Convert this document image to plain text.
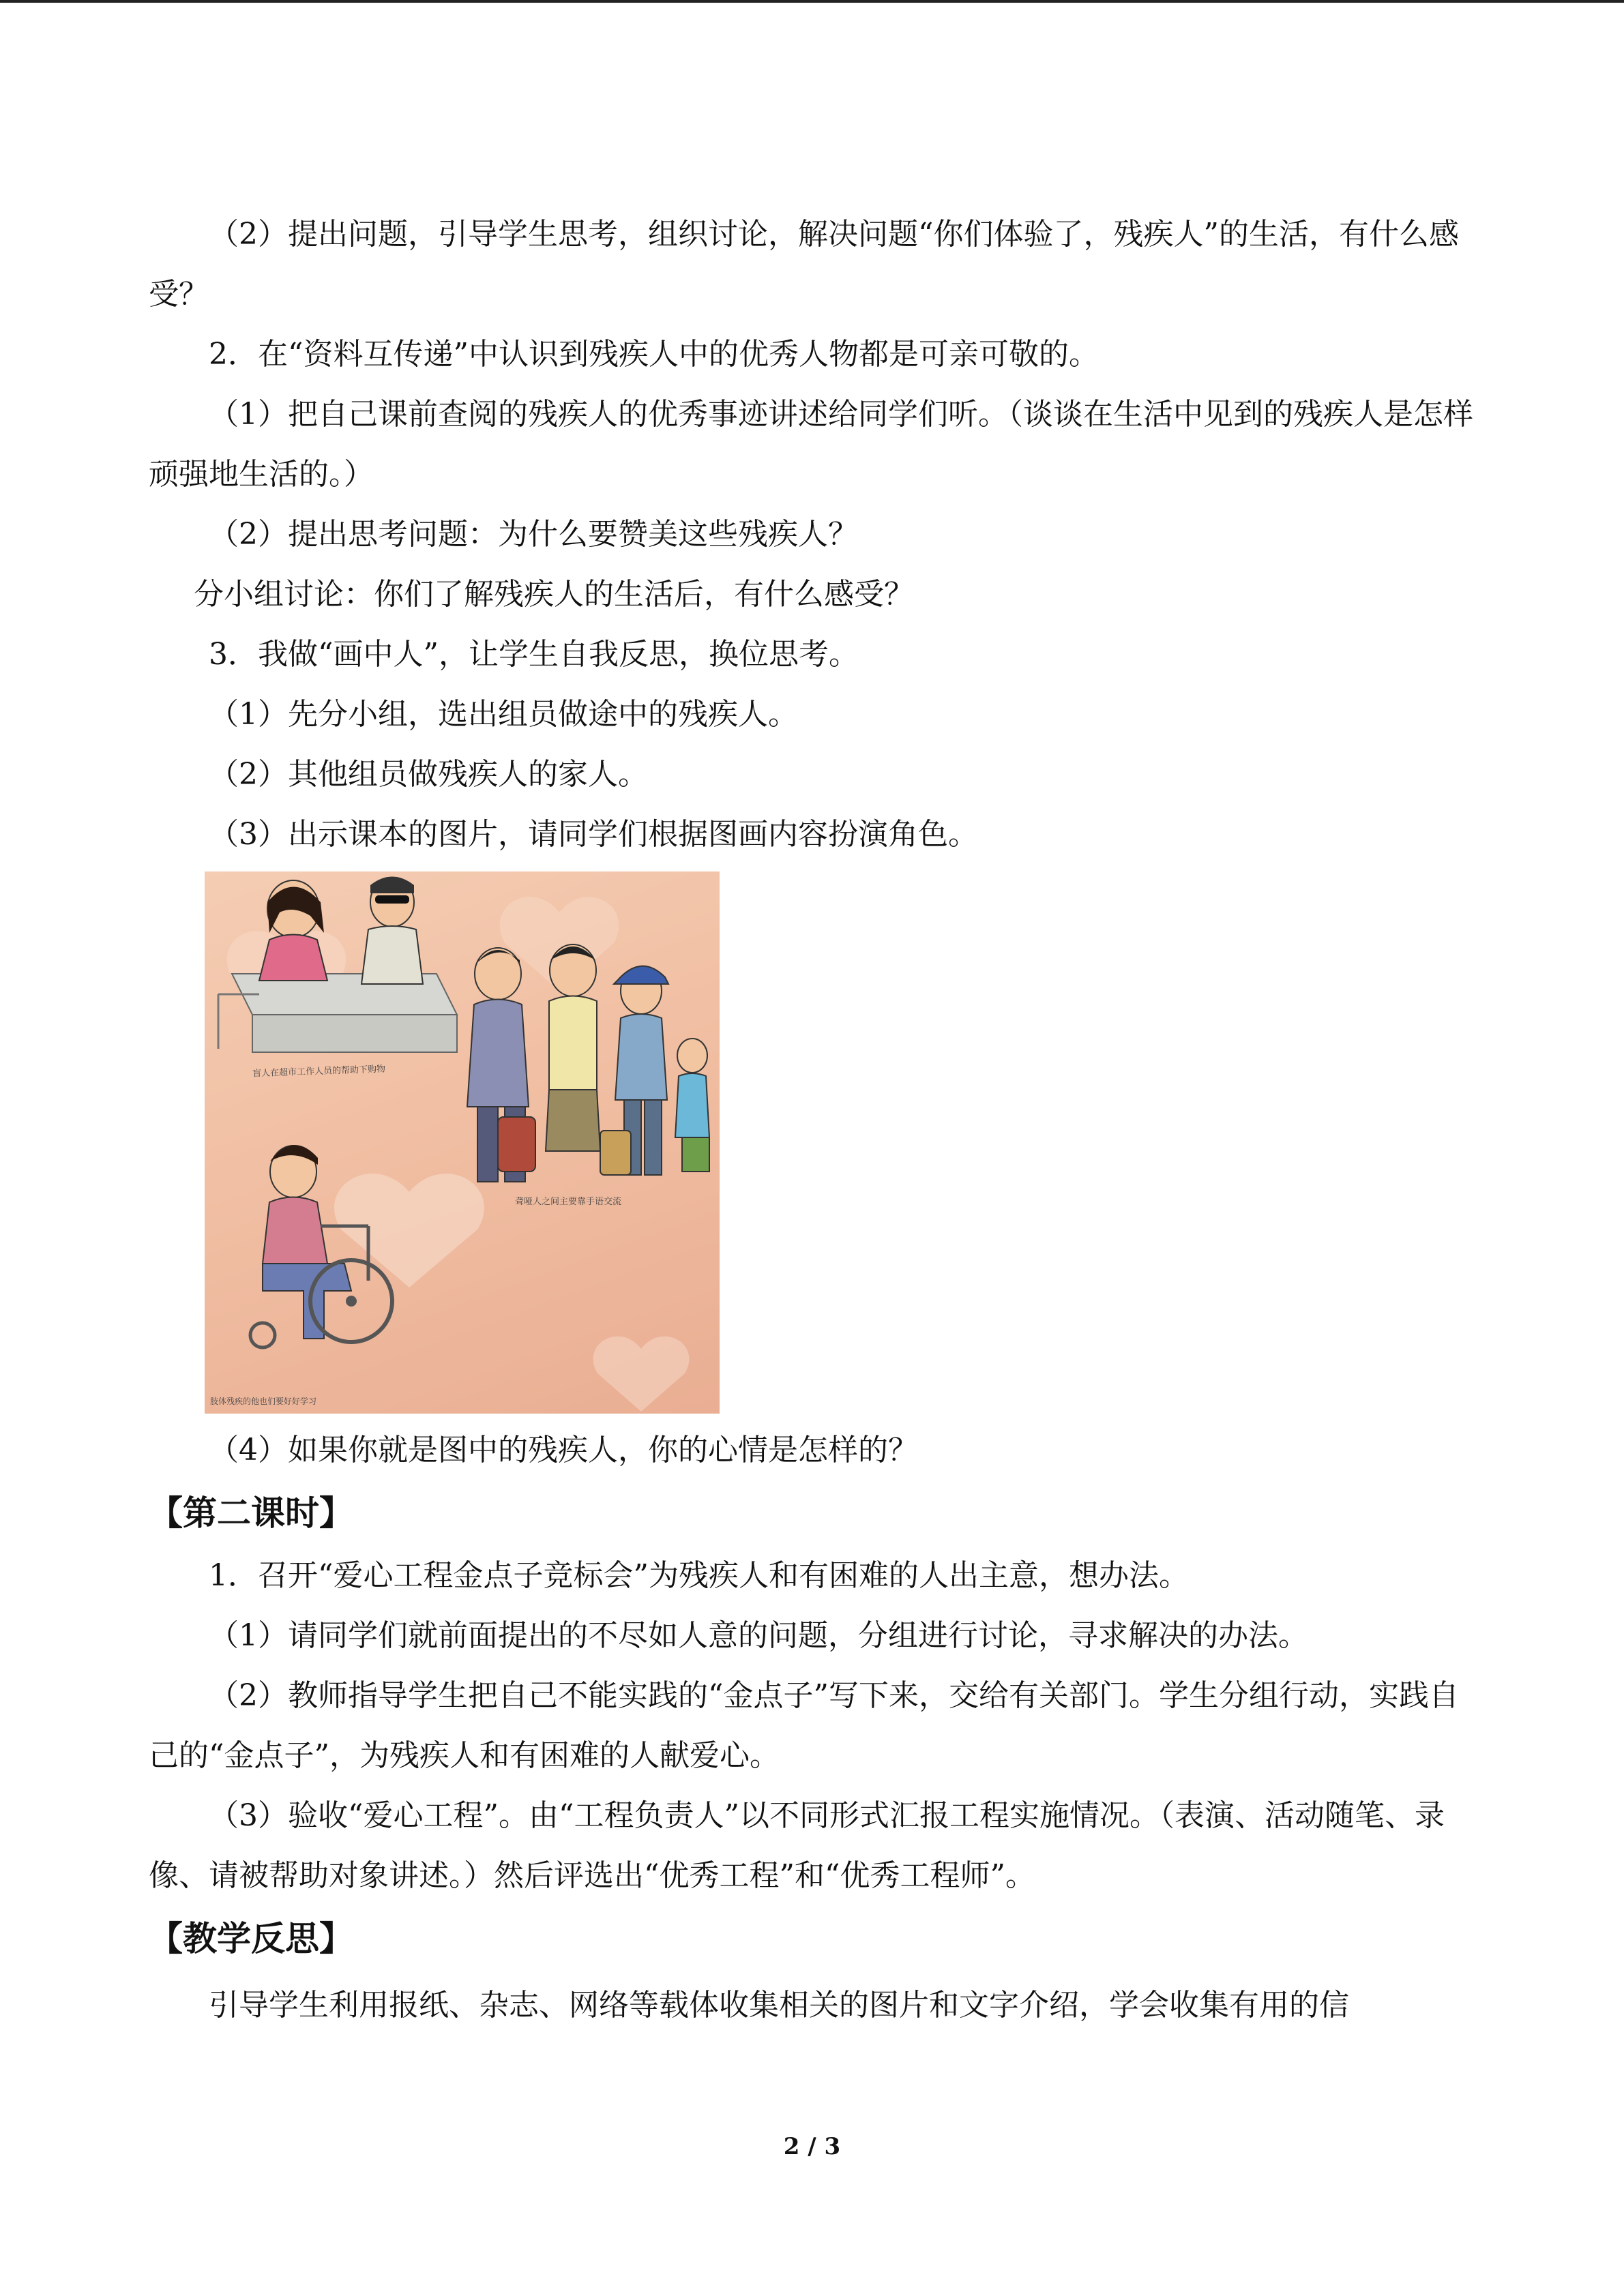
（2）提出问题，引导学生思考，组织讨论，解决问题“你们体验了，残疾人”的生活，有什么感受？

2．在“资料互传递”中认识到残疾人中的优秀人物都是可亲可敬的。

（1）把自己课前查阅的残疾人的优秀事迹讲述给同学们听。（谈谈在生活中见到的残疾人是怎样顽强地生活的。）

（2）提出思考问题：为什么要赞美这些残疾人？

分小组讨论：你们了解残疾人的生活后，有什么感受？

3．我做“画中人”，让学生自我反思，换位思考。

（1）先分小组，选出组员做途中的残疾人。

（2）其他组员做残疾人的家人。

（3）出示课本的图片，请同学们根据图画内容扮演角色。

盲人在超市工作人员的帮助下购物
聋哑人之间主要靠手语交流
肢体残疾的他也们要好好学习

（4）如果你就是图中的残疾人，你的心情是怎样的？

【第二课时】

1．召开“爱心工程金点子竞标会”为残疾人和有困难的人出主意，想办法。

（1）请同学们就前面提出的不尽如人意的问题，分组进行讨论，寻求解决的办法。

（2）教师指导学生把自己不能实践的“金点子”写下来，交给有关部门。学生分组行动，实践自己的“金点子”，为残疾人和有困难的人献爱心。

（3）验收“爱心工程”。由“工程负责人”以不同形式汇报工程实施情况。（表演、活动随笔、录像、请被帮助对象讲述。）然后评选出“优秀工程”和“优秀工程师”。

【教学反思】

引导学生利用报纸、杂志、网络等载体收集相关的图片和文字介绍，学会收集有用的信

2 / 3
